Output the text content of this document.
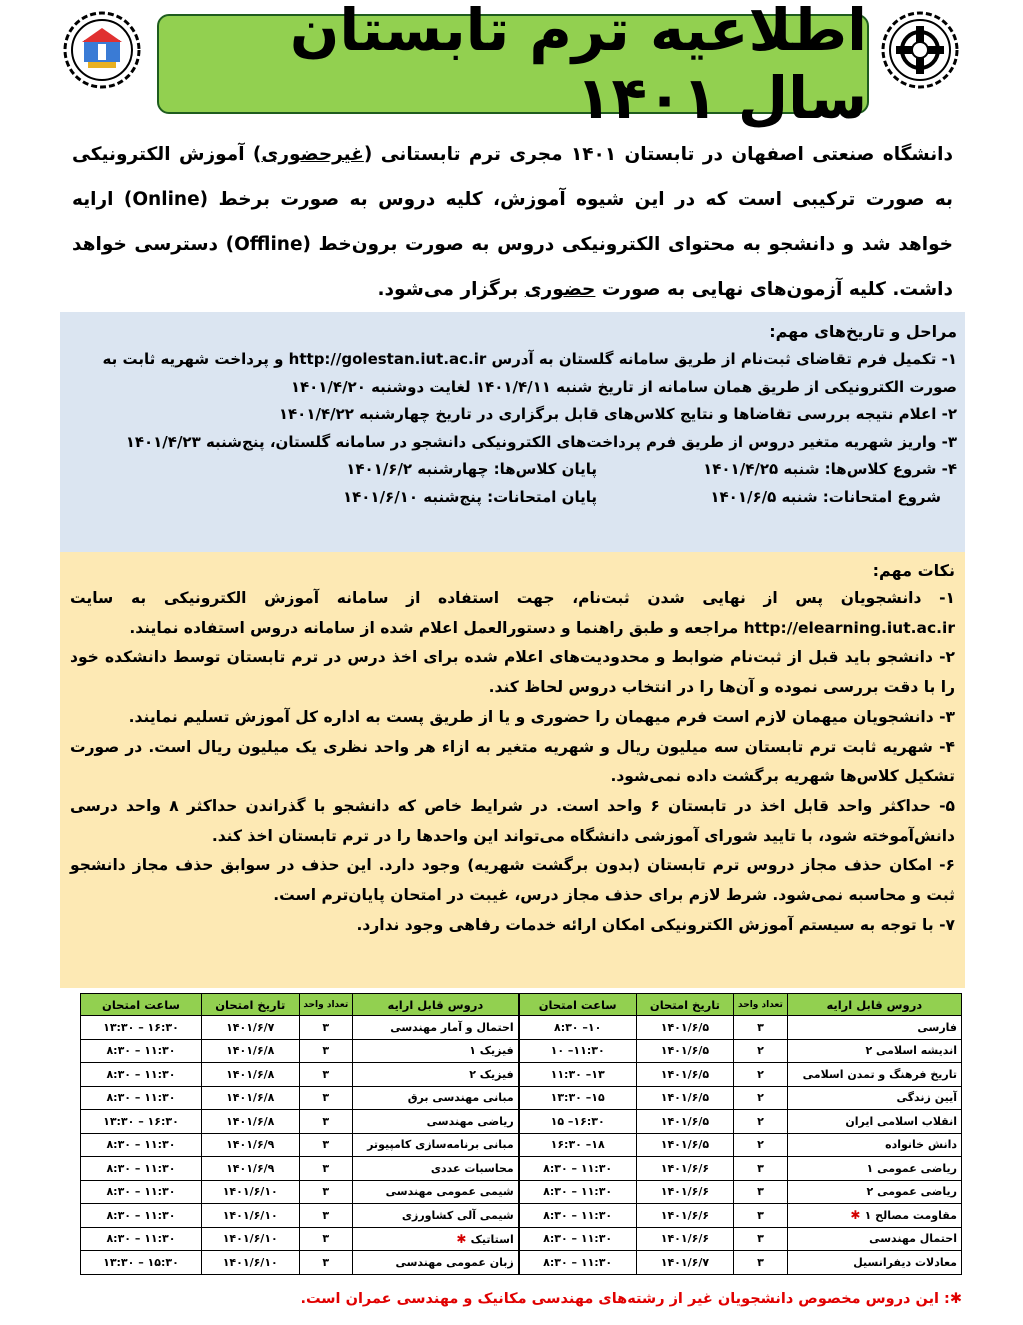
اطلاعیه ترم تابستان سال ۱۴۰۱
دانشگاه صنعتی اصفهان در تابستان ۱۴۰۱ مجری ترم تابستانی (غیرحضوری) آموزش الکترونیکی به صورت ترکیبی است که در این شیوه آموزش، کلیه دروس به صورت برخط (Online) ارایه خواهد شد و دانشجو به محتوای الکترونیکی دروس به صورت برون‌خط (Offline) دسترسی خواهد داشت. کلیه آزمون‌های نهایی به صورت حضوری برگزار می‌شود.
مراحل و تاریخ‌های مهم:
۱- تکمیل فرم تقاضای ثبت‌نام از طریق سامانه گلستان به آدرس http://golestan.iut.ac.ir و پرداخت شهریه ثابت به
صورت الکترونیکی از طریق همان سامانه از تاریخ شنبه ۱۴۰۱/۴/۱۱ لغایت دوشنبه ۱۴۰۱/۴/۲۰
۲- اعلام نتیجه بررسی تقاضاها و نتایج کلاس‌های قابل برگزاری در تاریخ چهارشنبه ۱۴۰۱/۴/۲۲
۳- واریز شهریه متغیر دروس از طریق فرم پرداخت‌های الکترونیکی دانشجو در سامانه گلستان، پنج‌شنبه ۱۴۰۱/۴/۲۳
۴- شروع کلاس‌ها: شنبه ۱۴۰۱/۴/۲۵
پایان کلاس‌ها: چهارشنبه ۱۴۰۱/۶/۲
شروع امتحانات: شنبه ۱۴۰۱/۶/۵
پایان امتحانات: پنج‌شنبه ۱۴۰۱/۶/۱۰
نکات مهم:
۱- دانشجویان پس از نهایی شدن ثبت‌نام، جهت استفاده از سامانه آموزش الکترونیکی به سایت http://elearning.iut.ac.ir مراجعه و طبق راهنما و دستورالعمل اعلام شده از سامانه دروس استفاده نمایند.
۲- دانشجو باید قبل از ثبت‌نام ضوابط و محدودیت‌های اعلام شده برای اخذ درس در ترم تابستان توسط دانشکده خود را با دقت بررسی نموده و آن‌ها را در انتخاب دروس لحاظ کند.
۳- دانشجویان میهمان لازم است فرم میهمان را حضوری و یا از طریق پست به اداره کل آموزش تسلیم نمایند.
۴- شهریه ثابت ترم تابستان سه میلیون ریال و شهریه متغیر به ازاء هر واحد نظری یک میلیون ریال است. در صورت تشکیل کلاس‌ها شهریه برگشت داده نمی‌شود.
۵- حداکثر واحد قابل اخذ در تابستان ۶ واحد است. در شرایط خاص که دانشجو با گذراندن حداکثر ۸ واحد درسی دانش‌آموخته شود، با تایید شورای آموزشی دانشگاه می‌تواند این واحدها را در ترم تابستان اخذ کند.
۶- امکان حذف مجاز دروس ترم تابستان (بدون برگشت شهریه) وجود دارد. این حذف در سوابق حذف مجاز دانشجو ثبت و محاسبه نمی‌شود. شرط لازم برای حذف مجاز درس، غیبت در امتحان پایان‌ترم است.
۷- با توجه به سیستم آموزش الکترونیکی امکان ارائه خدمات رفاهی وجود ندارد.
دروس قابل ارایه	تعداد واحد	تاریخ امتحان	ساعت امتحان	دروس قابل ارایه	تعداد واحد	تاریخ امتحان	ساعت امتحان
فارسی	۳	۱۴۰۱/۶/۵	۱۰– ۸:۳۰	احتمال و آمار مهندسی	۳	۱۴۰۱/۶/۷	۱۶:۳۰ – ۱۳:۳۰
اندیشه اسلامی ۲	۲	۱۴۰۱/۶/۵	۱۱:۳۰– ۱۰	فیزیک ۱	۳	۱۴۰۱/۶/۸	۱۱:۳۰ – ۸:۳۰
تاریخ فرهنگ و تمدن اسلامی	۲	۱۴۰۱/۶/۵	۱۳– ۱۱:۳۰	فیزیک ۲	۳	۱۴۰۱/۶/۸	۱۱:۳۰ – ۸:۳۰
آیین زندگی	۲	۱۴۰۱/۶/۵	۱۵– ۱۳:۳۰	مبانی مهندسی برق	۳	۱۴۰۱/۶/۸	۱۱:۳۰ – ۸:۳۰
انقلاب اسلامی ایران	۲	۱۴۰۱/۶/۵	۱۶:۳۰– ۱۵	ریاضی مهندسی	۳	۱۴۰۱/۶/۸	۱۶:۳۰ – ۱۳:۳۰
دانش خانواده	۲	۱۴۰۱/۶/۵	۱۸– ۱۶:۳۰	مبانی برنامه‌سازی کامپیوتر	۳	۱۴۰۱/۶/۹	۱۱:۳۰ – ۸:۳۰
ریاضی عمومی ۱	۳	۱۴۰۱/۶/۶	۱۱:۳۰ – ۸:۳۰	محاسبات عددی	۳	۱۴۰۱/۶/۹	۱۱:۳۰ – ۸:۳۰
ریاضی عمومی ۲	۳	۱۴۰۱/۶/۶	۱۱:۳۰ – ۸:۳۰	شیمی عمومی مهندسی	۳	۱۴۰۱/۶/۱۰	۱۱:۳۰ – ۸:۳۰
مقاومت مصالح ۱ ✱	۳	۱۴۰۱/۶/۶	۱۱:۳۰ – ۸:۳۰	شیمی آلی کشاورزی	۳	۱۴۰۱/۶/۱۰	۱۱:۳۰ – ۸:۳۰
احتمال مهندسی	۳	۱۴۰۱/۶/۶	۱۱:۳۰ – ۸:۳۰	استاتیک ✱	۳	۱۴۰۱/۶/۱۰	۱۱:۳۰ – ۸:۳۰
معادلات دیفرانسیل	۳	۱۴۰۱/۶/۷	۱۱:۳۰ – ۸:۳۰	زبان عمومی مهندسی	۳	۱۴۰۱/۶/۱۰	۱۵:۳۰ – ۱۳:۳۰
✱: این دروس مخصوص دانشجویان غیر از رشته‌های مهندسی مکانیک و مهندسی عمران است.
